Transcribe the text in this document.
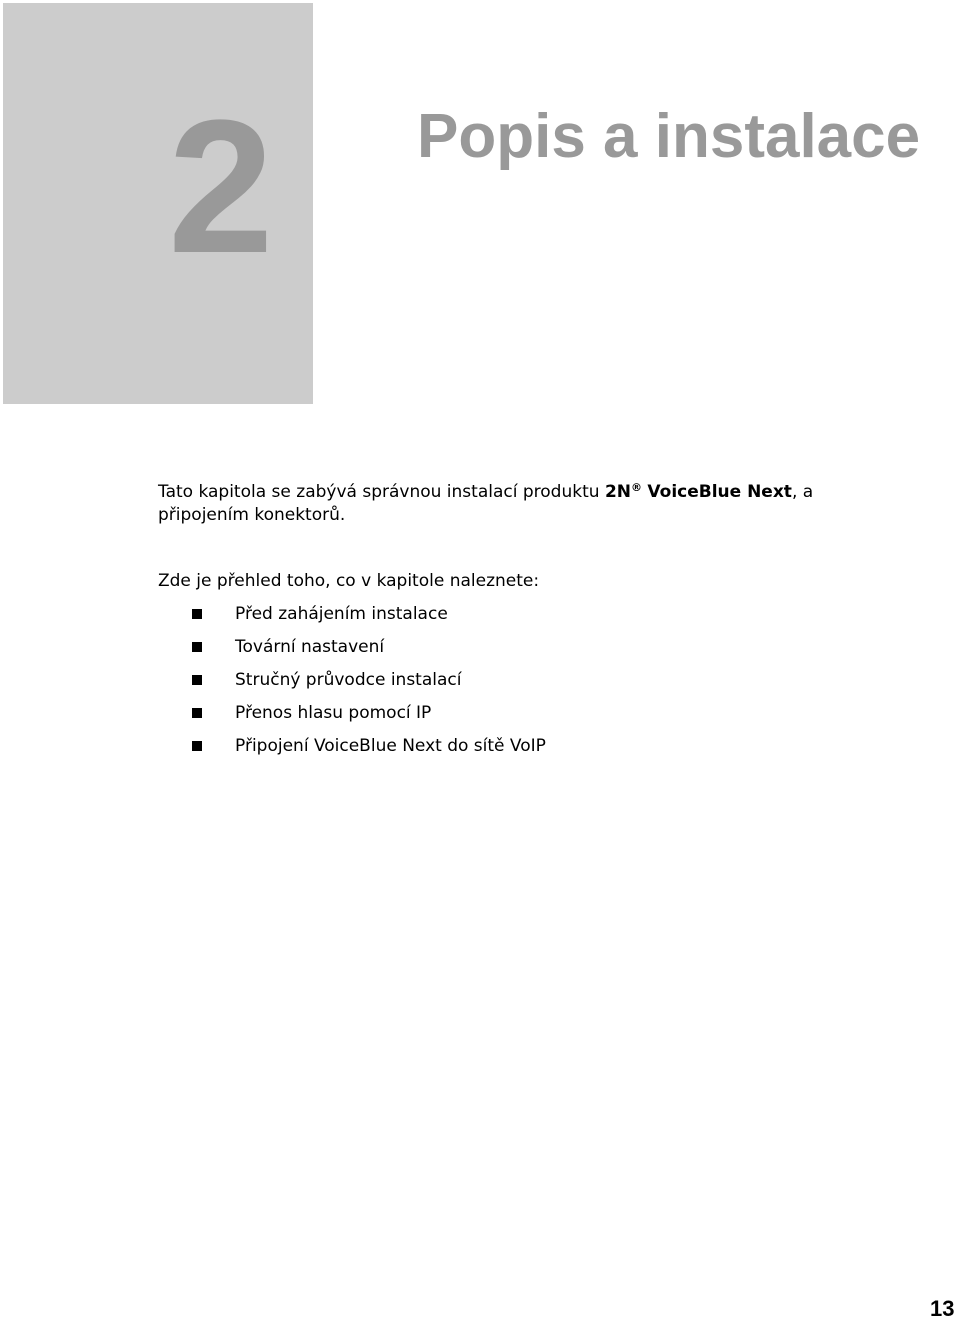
2 Popis a instalace

Tato kapitola se zabývá správnou instalací produktu 2N® VoiceBlue Next, a připojením konektorů.

Zde je přehled toho, co v kapitole naleznete:

Před zahájením instalace
Tovární nastavení
Stručný průvodce instalací
Přenos hlasu pomocí IP
Připojení VoiceBlue Next do sítě VoIP
13
